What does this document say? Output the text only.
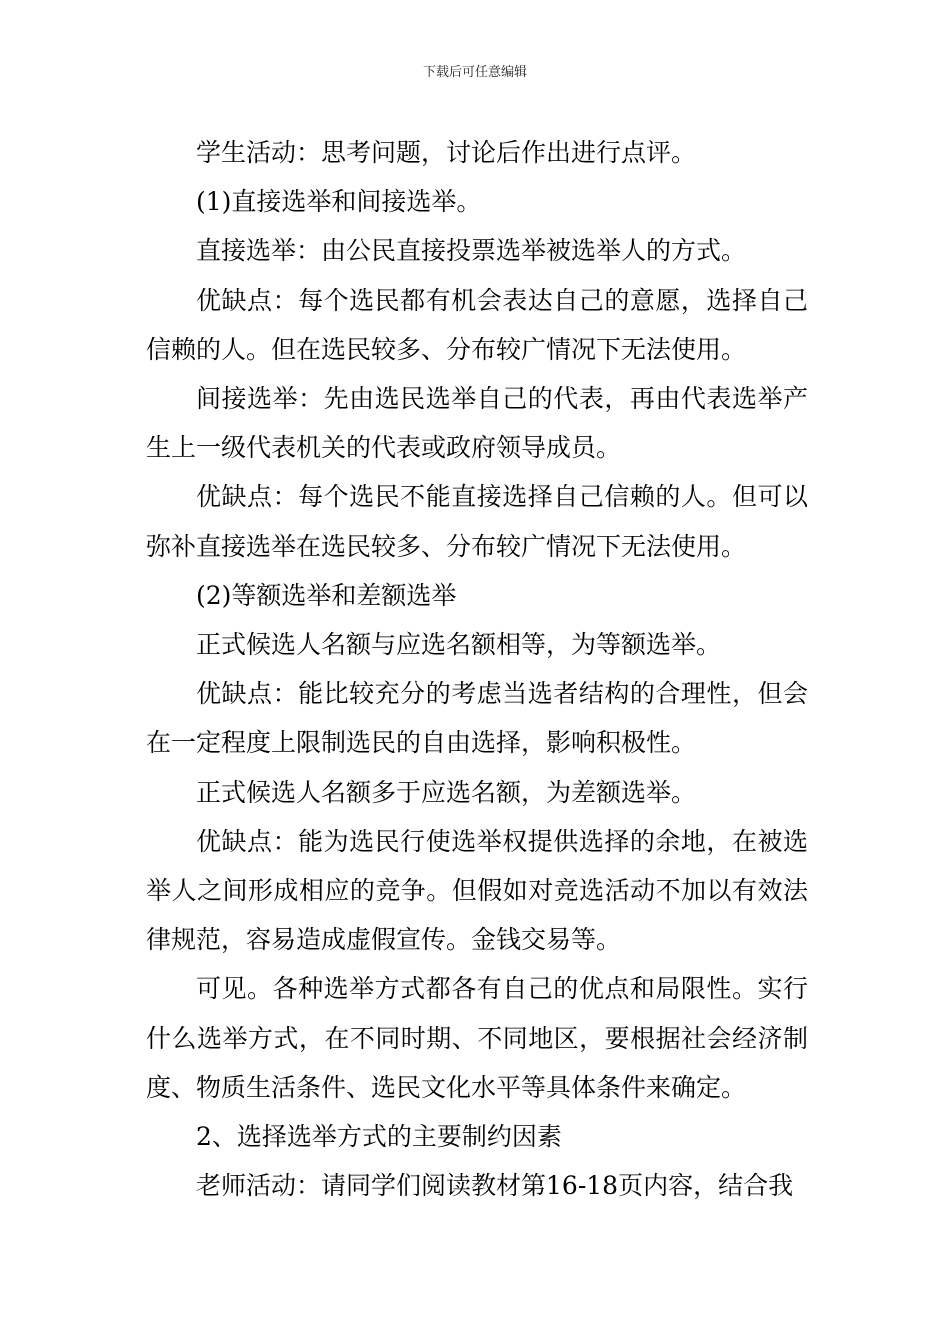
下载后可任意编辑

学生活动：思考问题，讨论后作出进行点评。

(1)直接选举和间接选举。

直接选举：由公民直接投票选举被选举人的方式。

优缺点：每个选民都有机会表达自己的意愿，选择自己信赖的人。但在选民较多、分布较广情况下无法使用。

间接选举：先由选民选举自己的代表，再由代表选举产生上一级代表机关的代表或政府领导成员。

优缺点：每个选民不能直接选择自己信赖的人。但可以弥补直接选举在选民较多、分布较广情况下无法使用。

(2)等额选举和差额选举

正式候选人名额与应选名额相等，为等额选举。

优缺点：能比较充分的考虑当选者结构的合理性，但会在一定程度上限制选民的自由选择，影响积极性。

正式候选人名额多于应选名额，为差额选举。

优缺点：能为选民行使选举权提供选择的余地，在被选举人之间形成相应的竞争。但假如对竞选活动不加以有效法律规范，容易造成虚假宣传。金钱交易等。

可见。各种选举方式都各有自己的优点和局限性。实行什么选举方式，在不同时期、不同地区，要根据社会经济制度、物质生活条件、选民文化水平等具体条件来确定。

2、选择选举方式的主要制约因素

老师活动：请同学们阅读教材第16-18页内容，结合我
